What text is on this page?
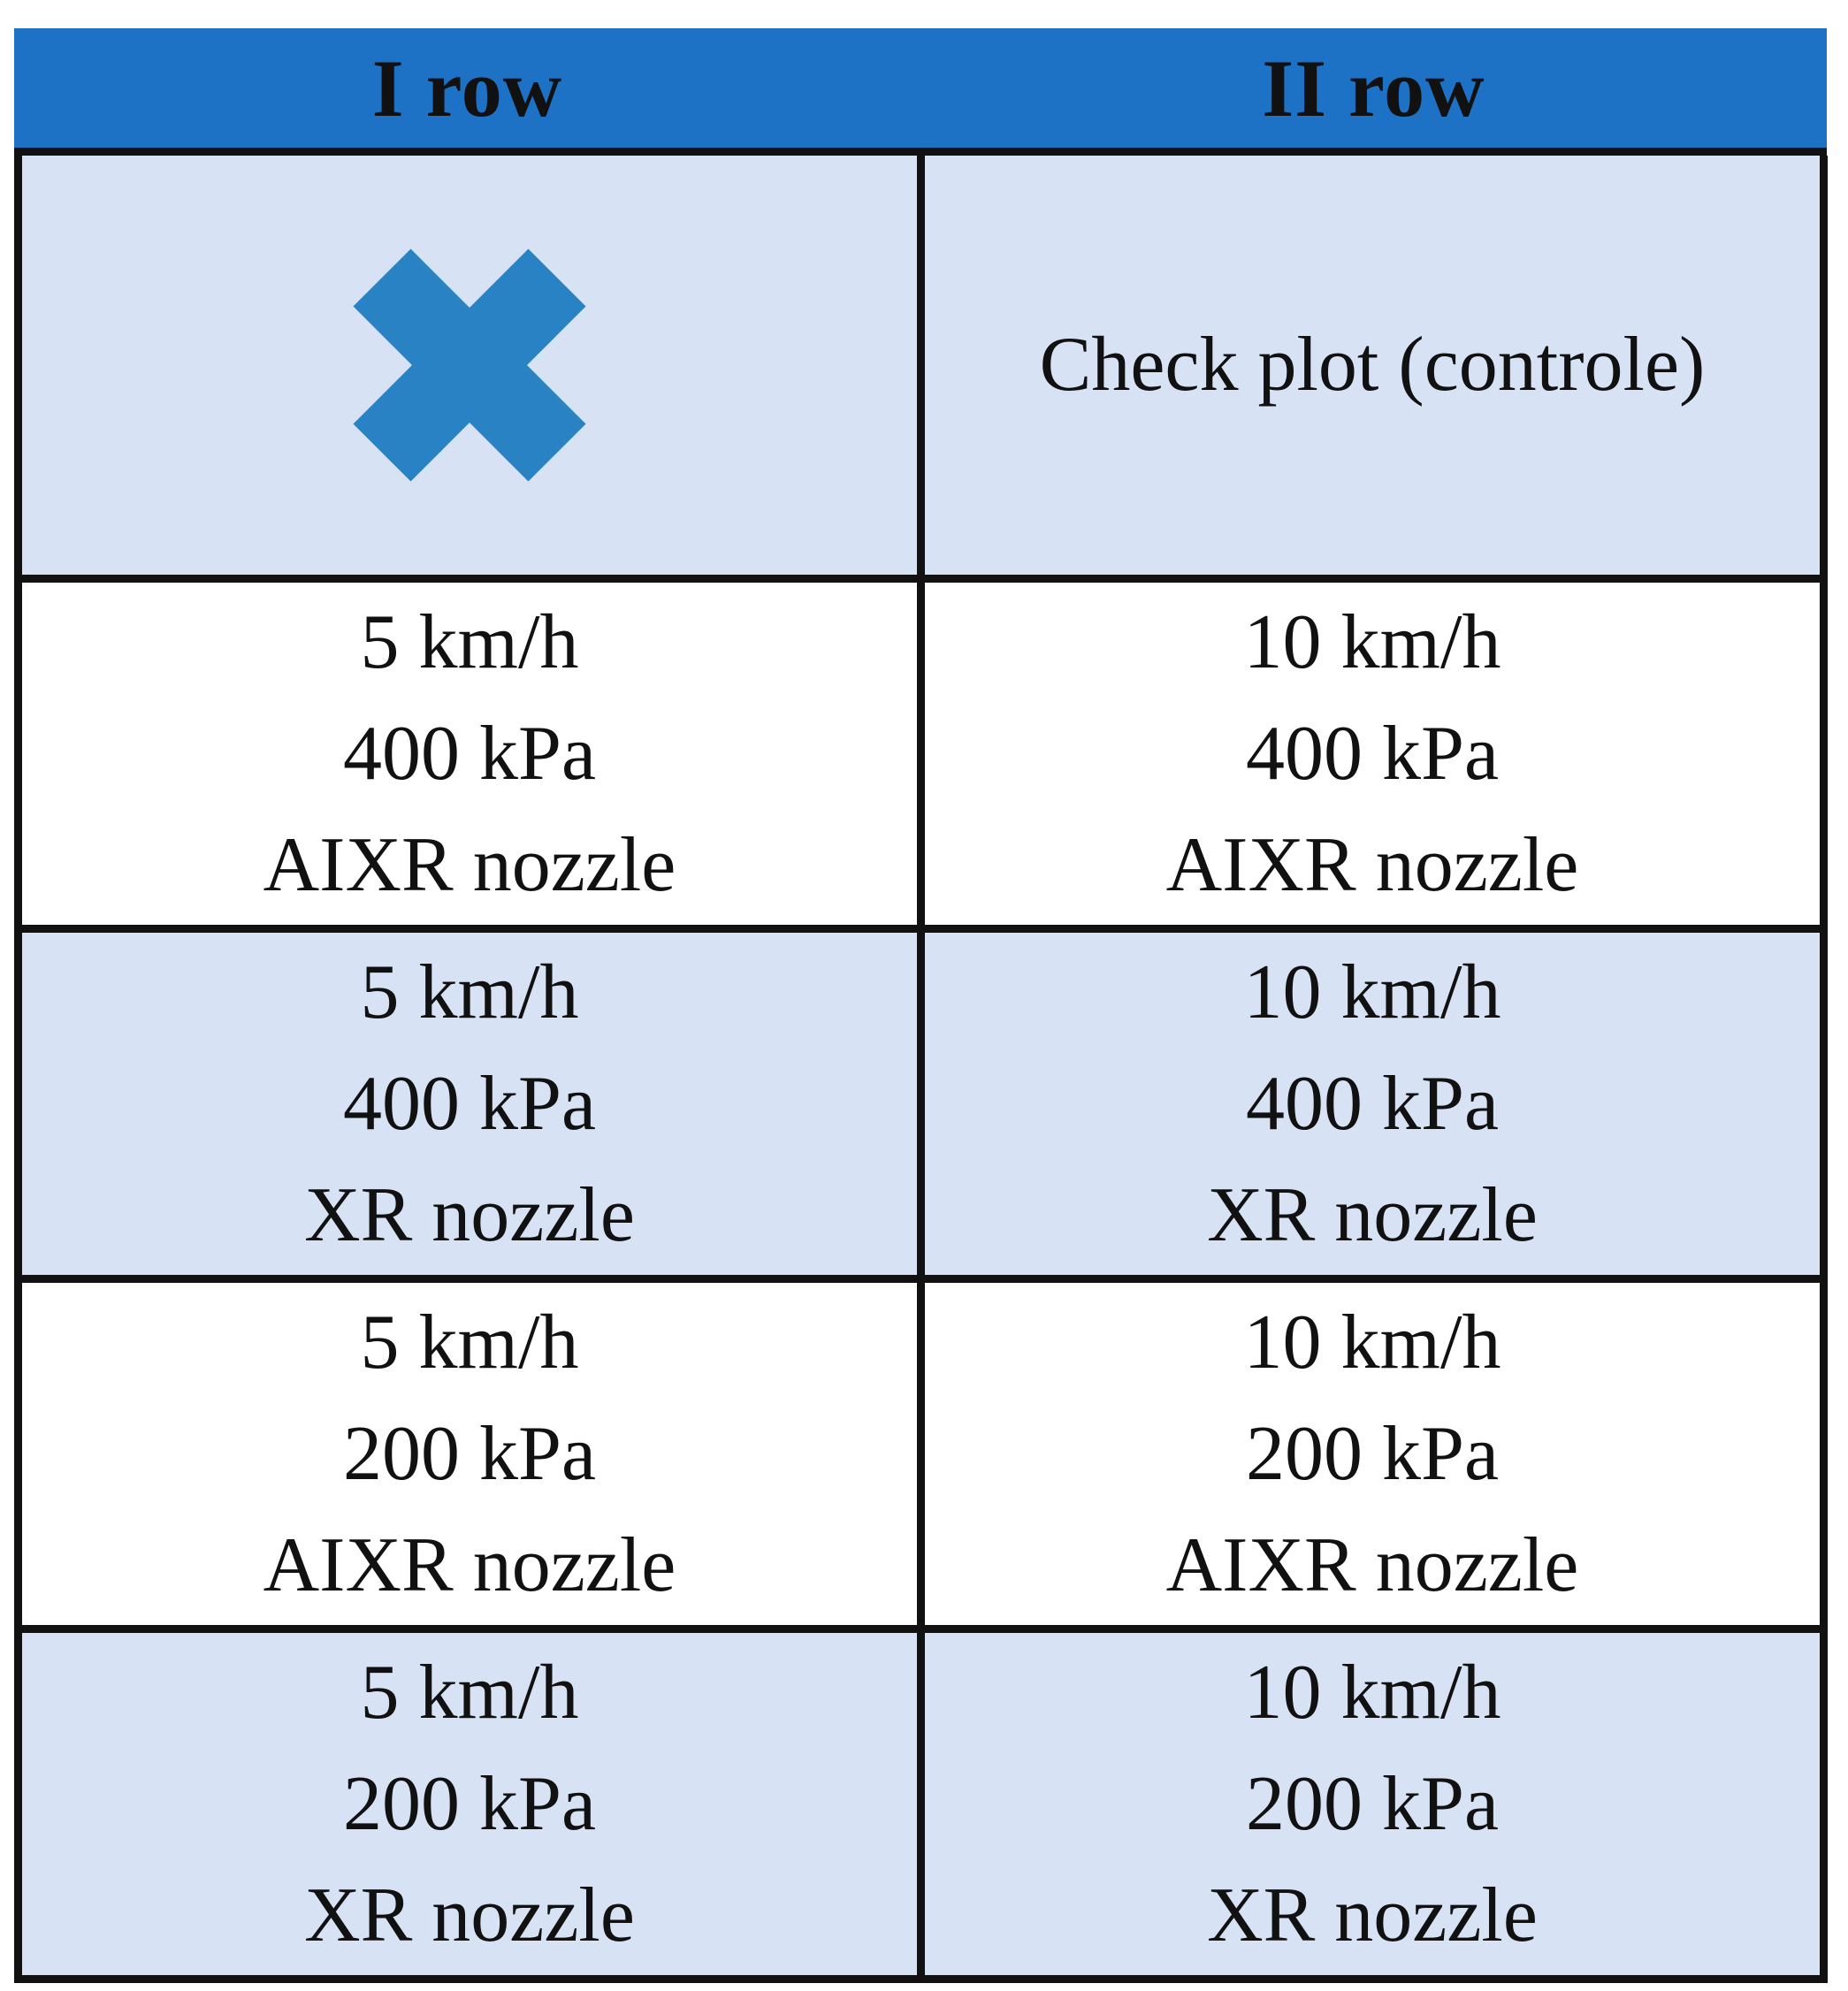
I row	II row
Check plot (controle)
5 km/h
400 kPa
AIXR nozzle
10 km/h
400 kPa
AIXR nozzle
5 km/h
400 kPa
XR nozzle
10 km/h
400 kPa
XR nozzle
5 km/h
200 kPa
AIXR nozzle
10 km/h
200 kPa
AIXR nozzle
5 km/h
200 kPa
XR nozzle
10 km/h
200 kPa
XR nozzle
